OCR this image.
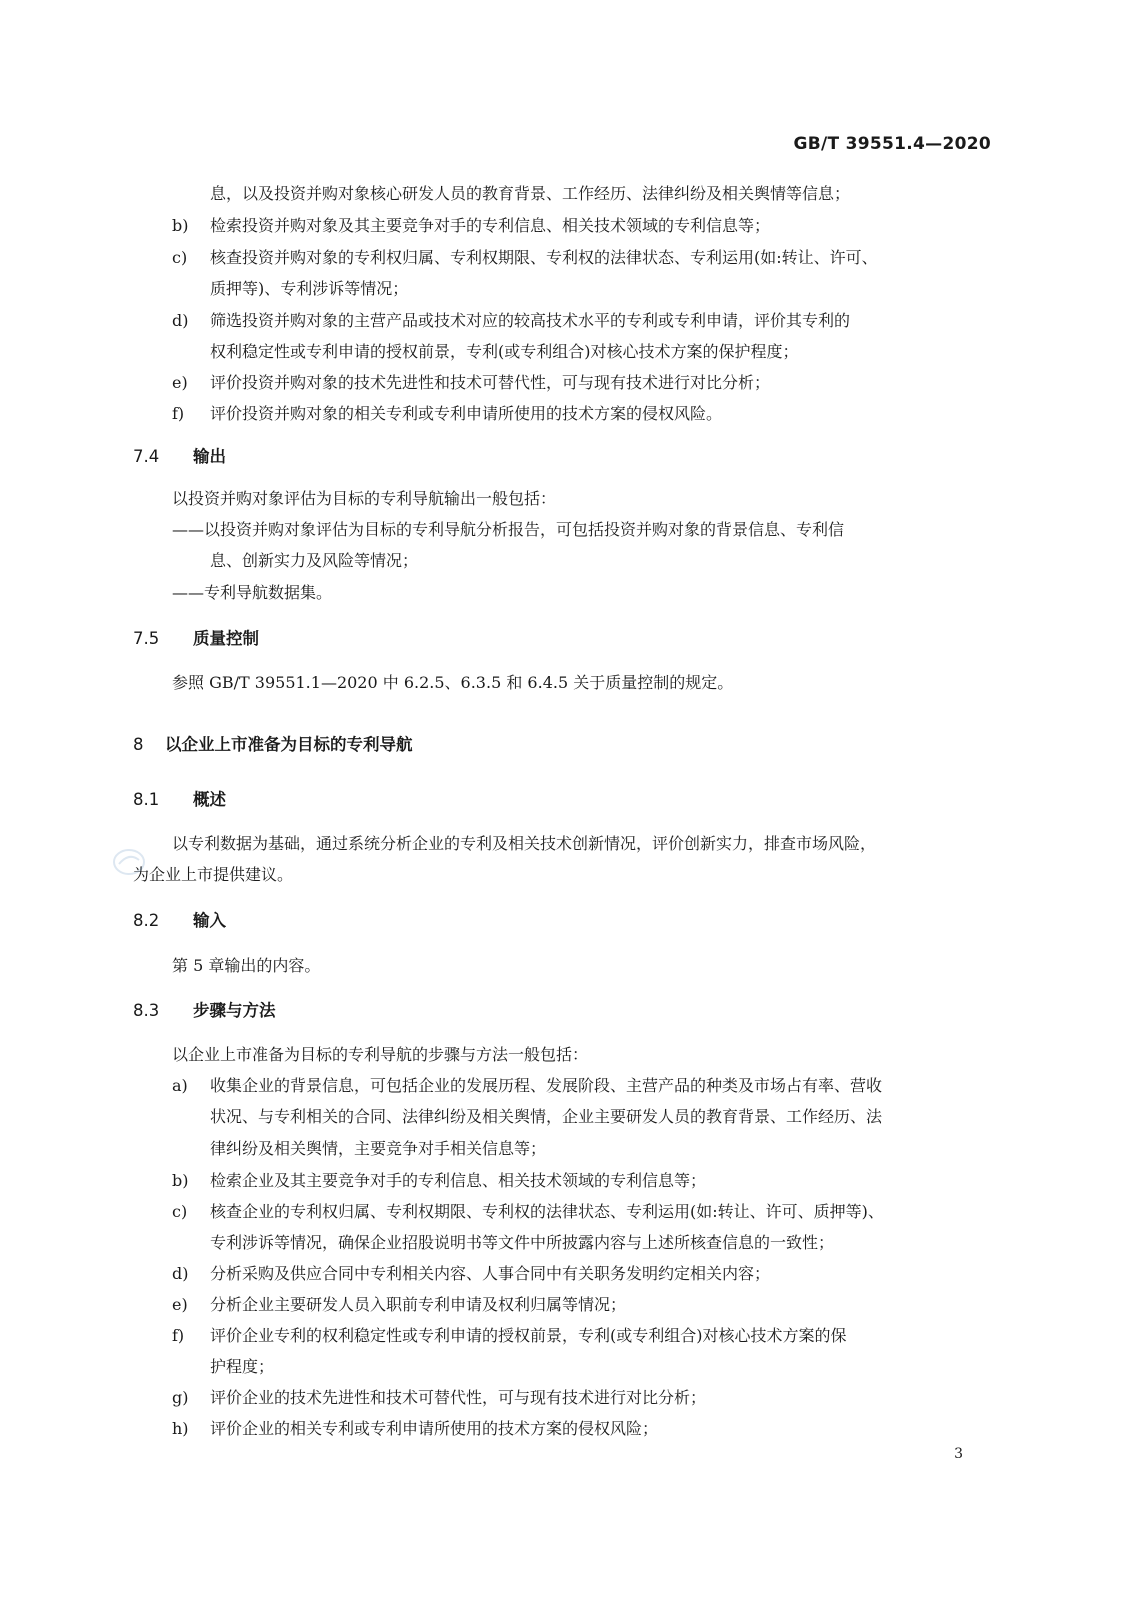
GB/T 39551.4—2020
息，以及投资并购对象核心研发人员的教育背景、工作经历、法律纠纷及相关舆情等信息；
b) 检索投资并购对象及其主要竞争对手的专利信息、相关技术领域的专利信息等；
c) 核查投资并购对象的专利权归属、专利权期限、专利权的法律状态、专利运用(如:转让、许可、
质押等)、专利涉诉等情况；
d) 筛选投资并购对象的主营产品或技术对应的较高技术水平的专利或专利申请，评价其专利的
权利稳定性或专利申请的授权前景，专利(或专利组合)对核心技术方案的保护程度；
e) 评价投资并购对象的技术先进性和技术可替代性，可与现有技术进行对比分析；
f) 评价投资并购对象的相关专利或专利申请所使用的技术方案的侵权风险。
7.4 输出
以投资并购对象评估为目标的专利导航输出一般包括：
——以投资并购对象评估为目标的专利导航分析报告，可包括投资并购对象的背景信息、专利信
息、创新实力及风险等情况；
——专利导航数据集。
7.5 质量控制
参照 GB/T 39551.1—2020 中 6.2.5、6.3.5 和 6.4.5 关于质量控制的规定。
8 以企业上市准备为目标的专利导航
8.1 概述
以专利数据为基础，通过系统分析企业的专利及相关技术创新情况，评价创新实力，排查市场风险，
为企业上市提供建议。
8.2 输入
第 5 章输出的内容。
8.3 步骤与方法
以企业上市准备为目标的专利导航的步骤与方法一般包括：
a) 收集企业的背景信息，可包括企业的发展历程、发展阶段、主营产品的种类及市场占有率、营收
状况、与专利相关的合同、法律纠纷及相关舆情，企业主要研发人员的教育背景、工作经历、法
律纠纷及相关舆情，主要竞争对手相关信息等；
b) 检索企业及其主要竞争对手的专利信息、相关技术领域的专利信息等；
c) 核查企业的专利权归属、专利权期限、专利权的法律状态、专利运用(如:转让、许可、质押等)、
专利涉诉等情况，确保企业招股说明书等文件中所披露内容与上述所核查信息的一致性；
d) 分析采购及供应合同中专利相关内容、人事合同中有关职务发明约定相关内容；
e) 分析企业主要研发人员入职前专利申请及权利归属等情况；
f) 评价企业专利的权利稳定性或专利申请的授权前景，专利(或专利组合)对核心技术方案的保
护程度；
g) 评价企业的技术先进性和技术可替代性，可与现有技术进行对比分析；
h) 评价企业的相关专利或专利申请所使用的技术方案的侵权风险；
3
